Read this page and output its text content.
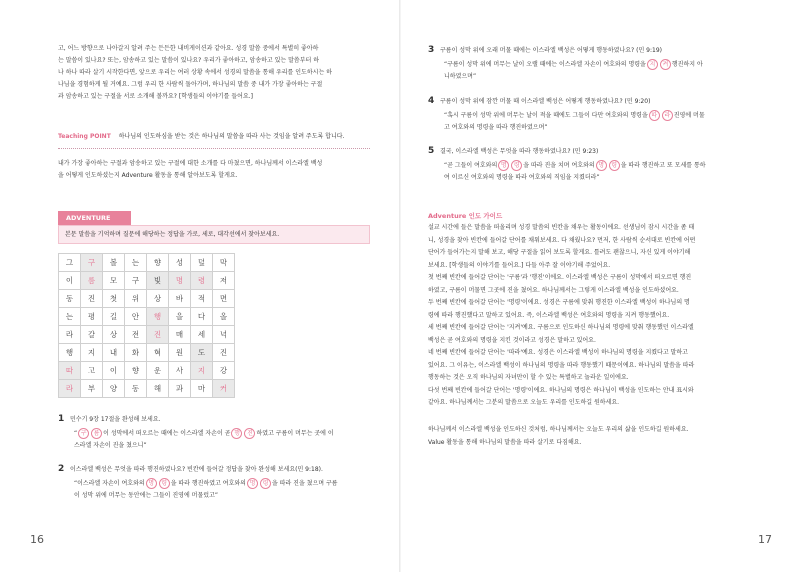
고, 어느 방향으로 나아갈지 알려 주는 든든한 내비게이션과 같아요. 성경 말씀 중에서 특별히 좋아하
는 말씀이 있나요? 또는, 암송하고 있는 말씀이 있나요? 우리가 좋아하고, 암송하고 있는 말씀부터 하
나 하나 따라 살기 시작한다면, 앞으로 우리는 여러 상황 속에서 성경의 말씀을 통해 우리를 인도하시는 하
나님을 경험하게 될 거예요. 그럼 우리 한 사람씩 돌아가며, 하나님의 말씀 중 내가 가장 좋아하는 구절
과 암송하고 있는 구절을 서로 소개해 볼까요? [학생들의 이야기를 들어요.]
Teaching POINT 하나님의 인도하심을 받는 것은 하나님의 말씀을 따라 사는 것임을 알려 주도록 합니다.
내가 가장 좋아하는 구절과 암송하고 있는 구절에 대한 소개를 다 마쳤으면, 하나님께서 이스라엘 백성
을 어떻게 인도하셨는지 Adventure 활동을 통해 알아보도록 할게요.
ADVENTURE
본문 말씀을 기억하며 질문에 해당하는 정답을 가로, 세로, 대각선에서 찾아보세요.
그	구	볼	는	향	성	덮	막
이	름	모	구	빛	명	령	저
동	진	첫	위	상	바	적	면
는	평	길	안	행	을	다	올
라	갈	상	전	진	매	세	넉
행	지	내	화	혁	원	도	진
따	고	이	향	운	사	지	강
라	부	양	동	해	과	마	커
1 민수기 9장 17절을 완성해 보세요.
“ 구 름 이 성막에서 떠오르는 때에는 이스라엘 자손이 곧 행 진 하였고 구름이 머무는 곳에 이
스라엘 자손이 진을 쳤으니”
2 이스라엘 백성은 무엇을 따라 행진하였나요? 빈칸에 들어갈 정답을 찾아 완성해 보세요(민 9:18).
“이스라엘 자손이 여호와의 명 령 을 따라 행진하였고 여호와의 명 령 을 따라 진을 쳤으며 구름
이 성막 위에 머무는 동안에는 그들이 진영에 머물렀고”
16
3 구름이 성막 위에 오래 머물 때에는 이스라엘 백성은 어떻게 행동하였나요? (민 9:19)
“구름이 성막 위에 머무는 날이 오랠 때에는 이스라엘 자손이 여호와의 명령을 지 켜 행진하지 아
니하였으며”
4 구름이 성막 위에 잠깐 머물 때 이스라엘 백성은 어떻게 행동하였나요? (민 9:20)
“혹시 구름이 성막 위에 머무는 날이 적을 때에도 그들이 다만 여호와의 명령을 따 라 진영에 머물
고 여호와의 명령을 따라 행진하였으며”
5 결국, 이스라엘 백성은 무엇을 따라 행동하였나요? (민 9:23)
“곧 그들이 여호와의 명 령 을 따라 진을 치며 여호와의 명 령 을 따라 행진하고 또 모세를 통하
여 이르신 여호와의 명령을 따라 여호와의 직임을 지켰더라”
Adventure 인도 가이드
설교 시간에 들은 말씀을 떠올리며 성경 말씀의 빈칸을 채우는 활동이에요. 선생님이 잠시 시간을 좀 태
니, 성경을 찾아 빈칸에 들어갈 단어를 채워보세요. 다 채웠나요? 먼저, 한 사람씩 순서대로 빈칸에 어떤
단어가 들어가는지 말해 보고, 해당 구절을 읽어 보도록 할게요. 틀려도 괜찮으니, 자신 있게 이야기해
보세요. [학생들의 이야기를 들어요.] 다들 아주 잘 이야기해 주었어요.
첫 번째 빈칸에 들어갈 단어는 '구름'과 '행진'이에요. 이스라엘 백성은 구름이 성막에서 떠오르면 행진
하였고, 구름이 머물면 그곳에 진을 쳤어요. 하나님께서는 그렇게 이스라엘 백성을 인도하셨어요.
두 번째 빈칸에 들어갈 단어는 '명령'이에요. 성경은 구름에 맞춰 행진한 이스라엘 백성이 하나님의 명
령에 따라 행진했다고 말하고 있어요. 즉, 이스라엘 백성은 여호와의 명령을 지켜 행동했어요.
세 번째 빈칸에 들어갈 단어는 '지켜'예요. 구름으로 인도하신 하나님의 명령에 맞춰 행동했던 이스라엘
백성은 곧 여호와의 명령을 지킨 것이라고 성경은 말하고 있어요.
네 번째 빈칸에 들어갈 단어는 '따라'예요. 성경은 이스라엘 백성이 하나님의 명령을 지켰다고 말하고
있어요. 그 이유는, 이스라엘 백성이 하나님의 명령을 따라 행동했기 때문이에요. 하나님의 말씀을 따라
행동하는 것은 오직 하나님의 자녀만이 할 수 있는 특별하고 놀라운 일이에요.
다섯 번째 빈칸에 들어갈 단어는 '명령'이에요. 하나님의 명령은 하나님이 백성을 인도하는 안내 표시와
같아요. 하나님께서는 그분의 말씀으로 오늘도 우리를 인도하길 원하세요.
하나님께서 이스라엘 백성을 인도하신 것처럼, 하나님께서는 오늘도 우리의 삶을 인도하길 원하세요.
Value 활동을 통해 하나님의 말씀을 따라 살기로 다짐해요.
17
